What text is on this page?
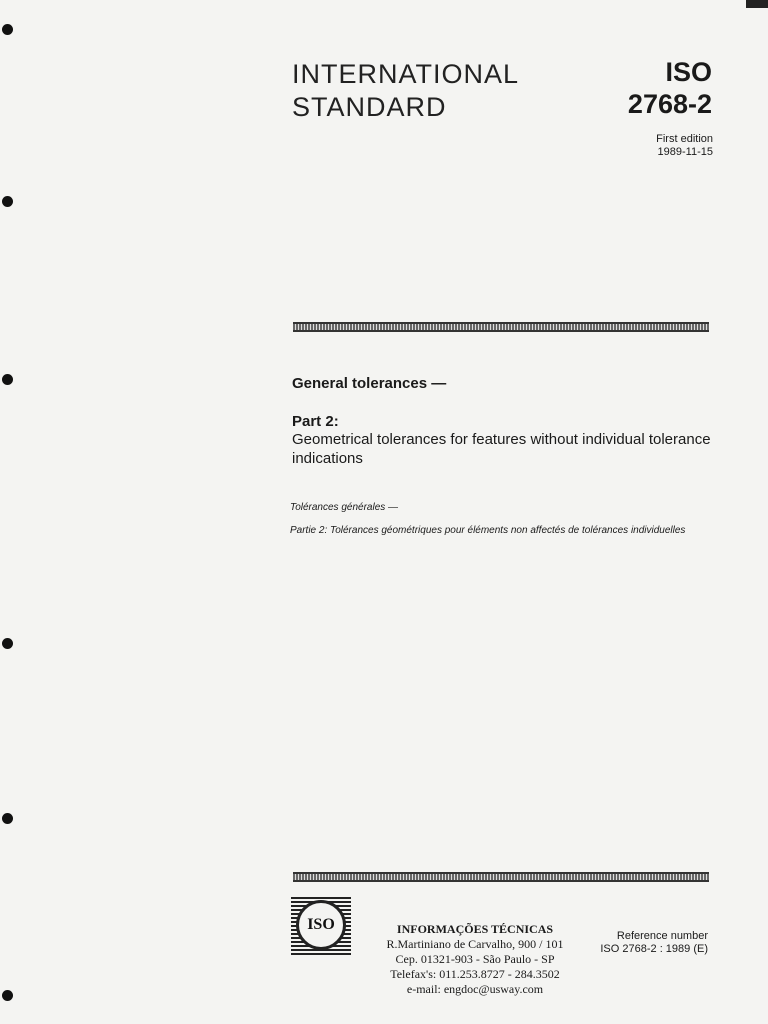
INTERNATIONAL
STANDARD
ISO
2768-2
First edition
1989-11-15
General tolerances —
Part 2:
Geometrical tolerances for features without individual tolerance indications
Tolérances générales —
Partie 2: Tolérances géométriques pour éléments non affectés de tolérances individuelles
ISO	INFORMAÇÕES TÉCNICAS
R.Martiniano de Carvalho, 900 / 101
Cep. 01321-903 - São Paulo - SP
Telefax's: 011.253.8727 - 284.3502
e-mail: engdoc@usway.com
Reference number
ISO 2768-2 : 1989 (E)
